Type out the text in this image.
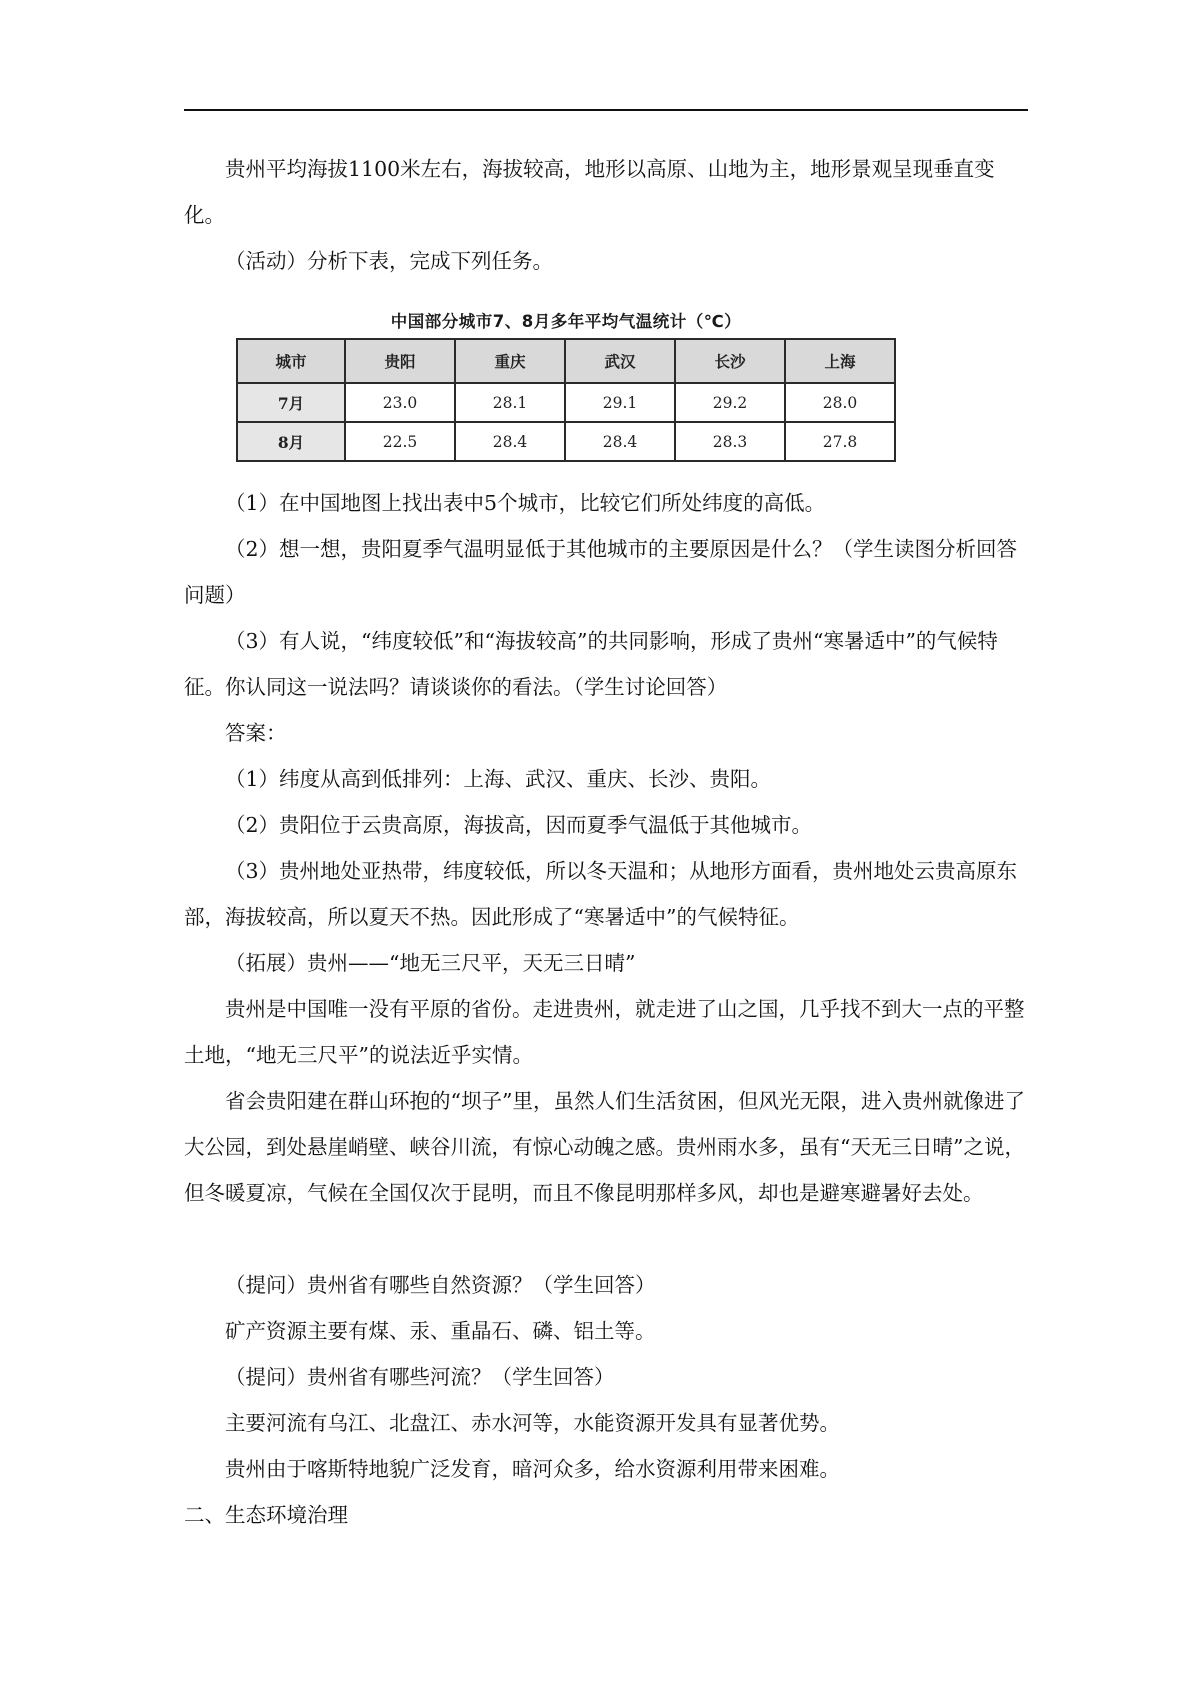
贵州平均海拔1100米左右，海拔较高，地形以高原、山地为主，地形景观呈现垂直变化。

（活动）分析下表，完成下列任务。

中国部分城市7、8月多年平均气温统计（℃）
城市	贵阳	重庆	武汉	长沙	上海
7月	23.0	28.1	29.1	29.2	28.0
8月	22.5	28.4	28.4	28.3	27.8

（1）在中国地图上找出表中5个城市，比较它们所处纬度的高低。

（2）想一想，贵阳夏季气温明显低于其他城市的主要原因是什么？（学生读图分析回答问题）

（3）有人说，“纬度较低”和“海拔较高”的共同影响，形成了贵州“寒暑适中”的气候特征。你认同这一说法吗？请谈谈你的看法。（学生讨论回答）

答案：

（1）纬度从高到低排列：上海、武汉、重庆、长沙、贵阳。

（2）贵阳位于云贵高原，海拔高，因而夏季气温低于其他城市。

（3）贵州地处亚热带，纬度较低，所以冬天温和；从地形方面看，贵州地处云贵高原东部，海拔较高，所以夏天不热。因此形成了“寒暑适中”的气候特征。

（拓展）贵州——“地无三尺平，天无三日晴”

贵州是中国唯一没有平原的省份。走进贵州，就走进了山之国，几乎找不到大一点的平整土地，“地无三尺平”的说法近乎实情。

省会贵阳建在群山环抱的“坝子”里，虽然人们生活贫困，但风光无限，进入贵州就像进了大公园，到处悬崖峭壁、峡谷川流，有惊心动魄之感。贵州雨水多，虽有“天无三日晴”之说，但冬暖夏凉，气候在全国仅次于昆明，而且不像昆明那样多风，却也是避寒避暑好去处。

（提问）贵州省有哪些自然资源？（学生回答）

矿产资源主要有煤、汞、重晶石、磷、铝土等。

（提问）贵州省有哪些河流？（学生回答）

主要河流有乌江、北盘江、赤水河等，水能资源开发具有显著优势。

贵州由于喀斯特地貌广泛发育，暗河众多，给水资源利用带来困难。

二、生态环境治理
